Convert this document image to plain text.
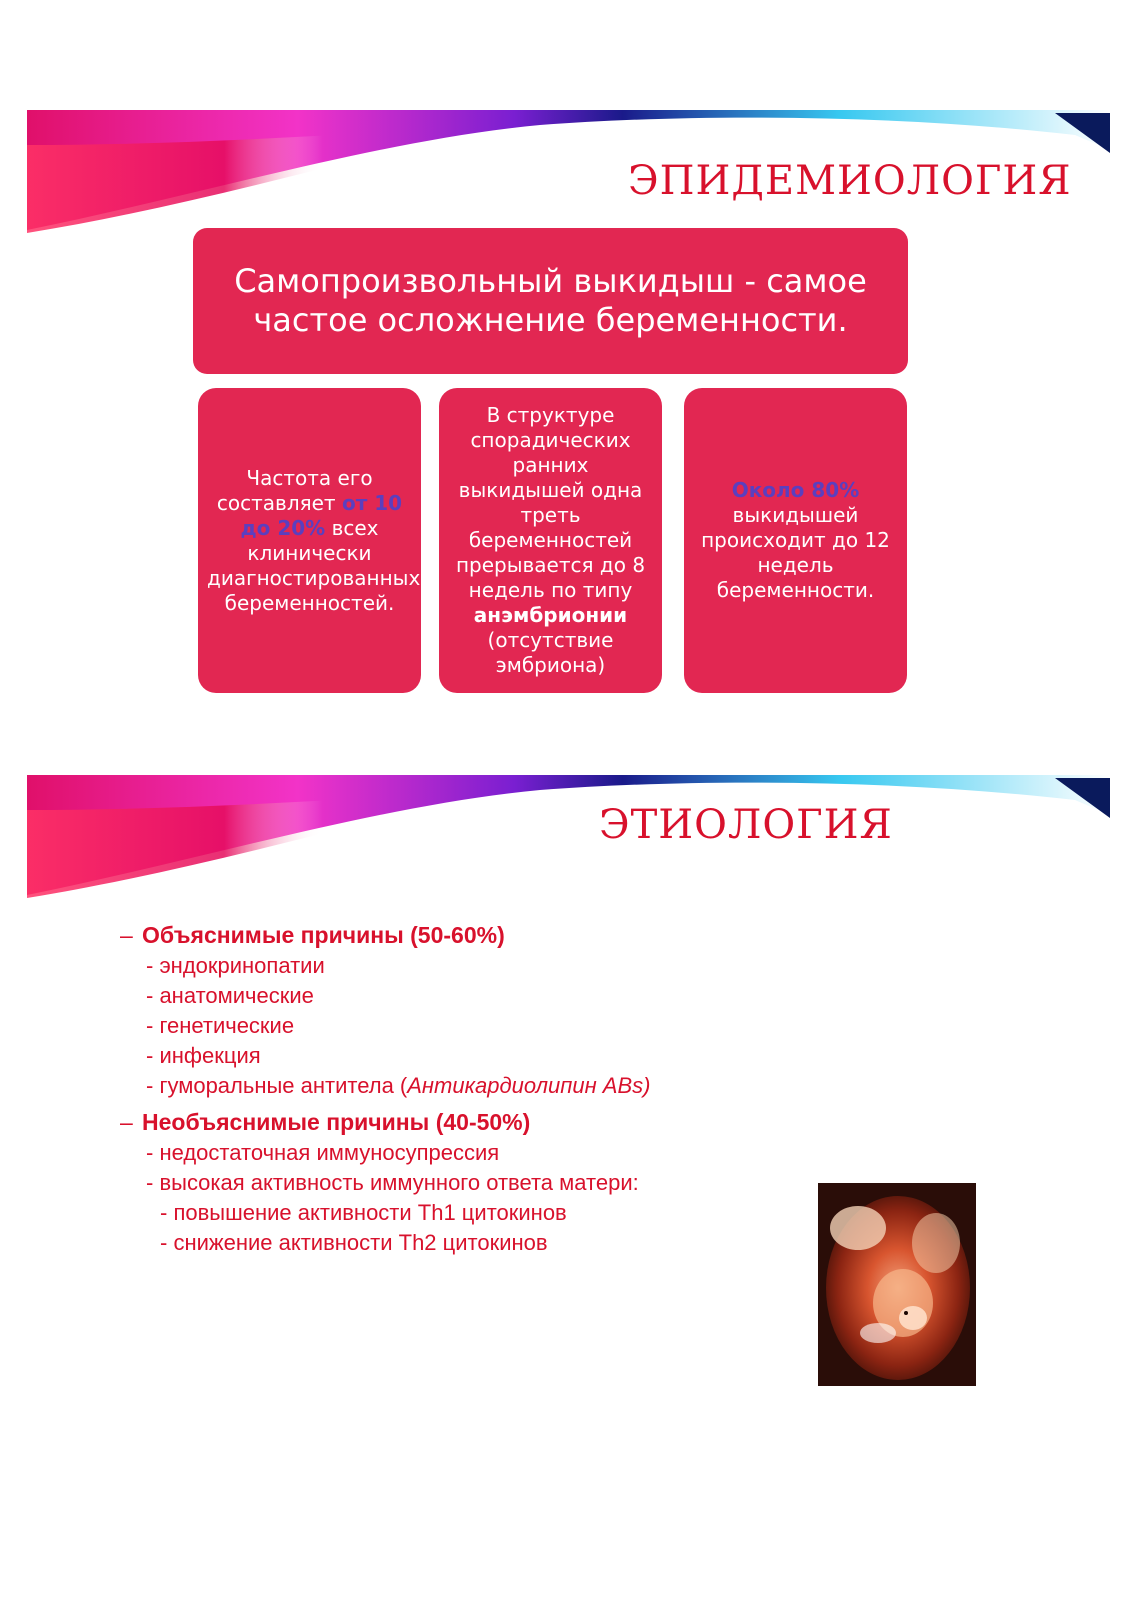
ЭПИДЕМИОЛОГИЯ
Самопроизвольный выкидыш - самое частое осложнение беременности.
Частота его составляет от 10 до 20% всех клинически диагностированных беременностей.
В структуре спорадических ранних выкидышей одна треть беременностей прерывается до 8 недель по типу анэмбрионии (отсутствие эмбриона)
Около 80% выкидышей происходит до 12 недель беременности.
ЭТИОЛОГИЯ
– Объяснимые причины (50-60%)
- эндокринопатии
- анатомические
- генетические
- инфекция
- гуморальные антитела (Антикардиолипин ABs)
– Необъяснимые причины (40-50%)
- недостаточная иммуносупрессия
- высокая активность иммунного ответа матери:
- повышение активности Th1 цитокинов
- снижение активности Th2 цитокинов
